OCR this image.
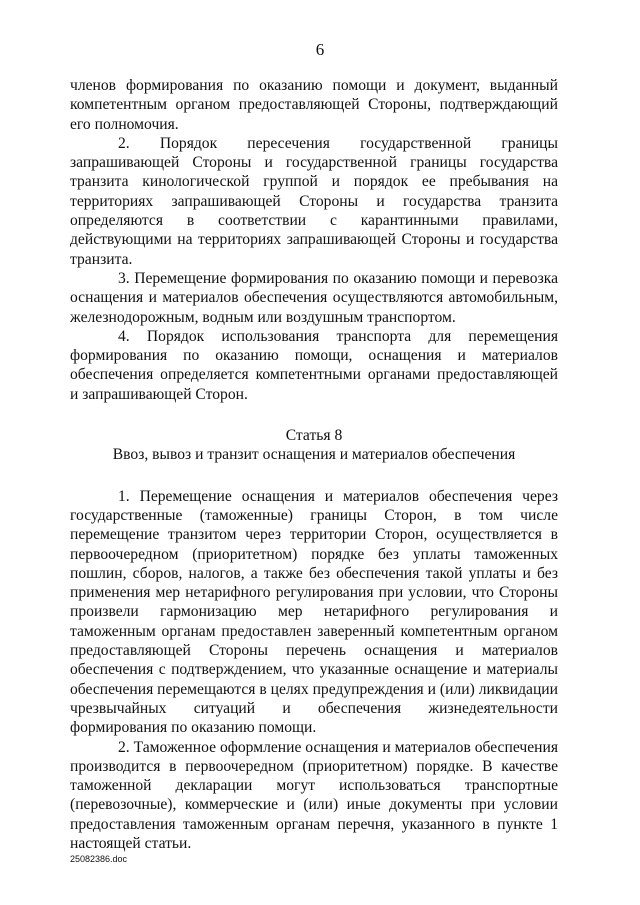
6

членов формирования по оказанию помощи и документ, выданный компетентным органом предоставляющей Стороны, подтверждающий его полномочия.

2. Порядок пересечения государственной границы запрашивающей Стороны и государственной границы государства транзита кинологической группой и порядок ее пребывания на территориях запрашивающей Стороны и государства транзита определяются в соответствии с карантинными правилами, действующими на территориях запрашивающей Стороны и государства транзита.

3. Перемещение формирования по оказанию помощи и перевозка оснащения и материалов обеспечения осуществляются автомобильным, железнодорожным, водным или воздушным транспортом.

4. Порядок использования транспорта для перемещения формирования по оказанию помощи, оснащения и материалов обеспечения определяется компетентными органами предоставляющей и запрашивающей Сторон.

Статья 8
Ввоз, вывоз и транзит оснащения и материалов обеспечения

1. Перемещение оснащения и материалов обеспечения через государственные (таможенные) границы Сторон, в том числе перемещение транзитом через территории Сторон, осуществляется в первоочередном (приоритетном) порядке без уплаты таможенных пошлин, сборов, налогов, а также без обеспечения такой уплаты и без применения мер нетарифного регулирования при условии, что Стороны произвели гармонизацию мер нетарифного регулирования и таможенным органам предоставлен заверенный компетентным органом предоставляющей Стороны перечень оснащения и материалов обеспечения с подтверждением, что указанные оснащение и материалы обеспечения перемещаются в целях предупреждения и (или) ликвидации чрезвычайных ситуаций и обеспечения жизнедеятельности формирования по оказанию помощи.

2. Таможенное оформление оснащения и материалов обеспечения производится в первоочередном (приоритетном) порядке. В качестве таможенной декларации могут использоваться транспортные (перевозочные), коммерческие и (или) иные документы при условии предоставления таможенным органам перечня, указанного в пункте 1 настоящей статьи.

25082386.doc
